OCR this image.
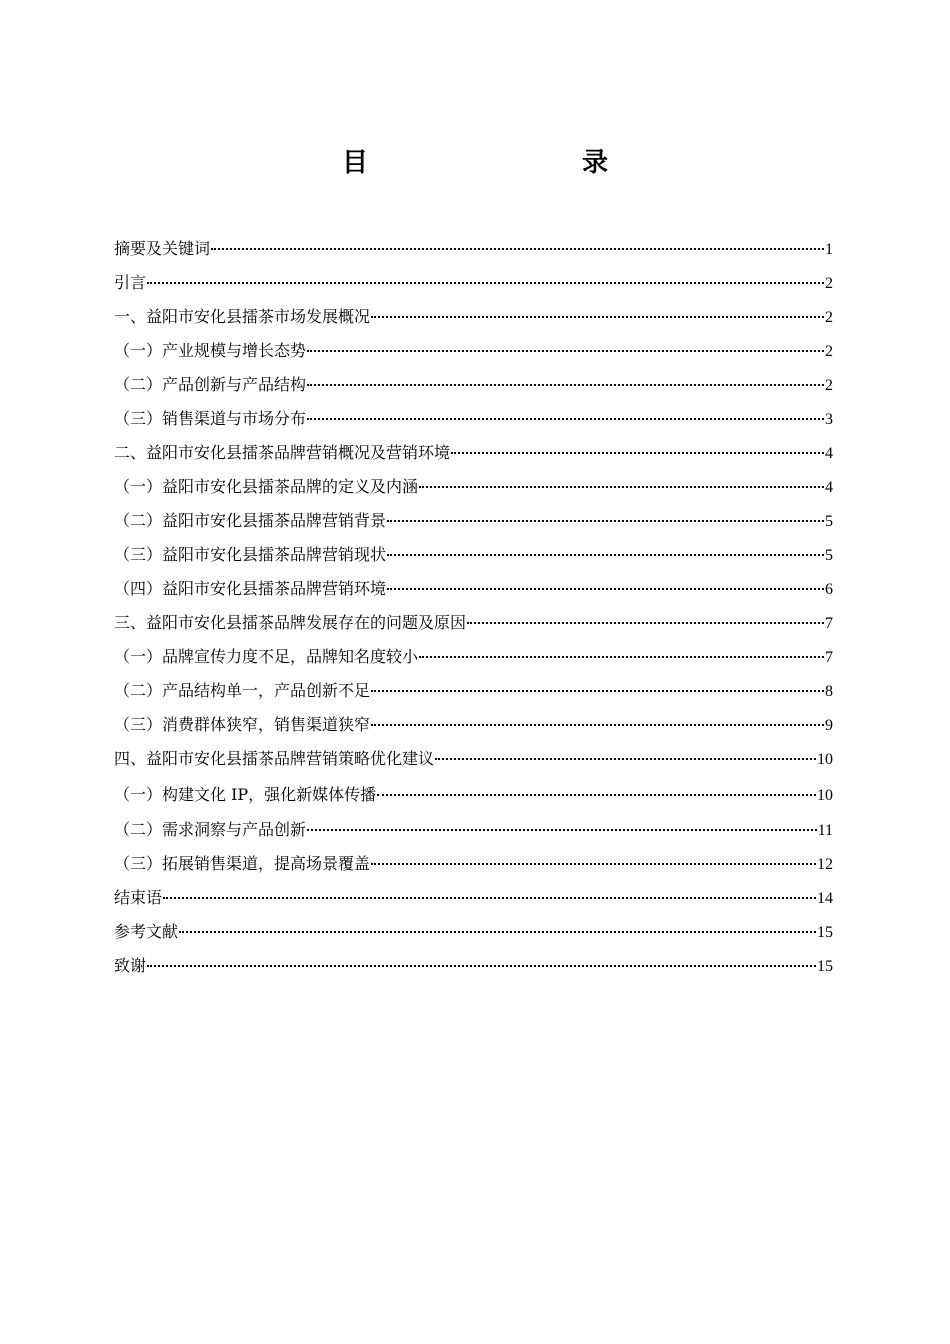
目　　录
摘要及关键词	1
引言	2
一、益阳市安化县擂茶市场发展概况	2
（一）产业规模与增长态势	2
（二）产品创新与产品结构	2
（三）销售渠道与市场分布	3
二、益阳市安化县擂茶品牌营销概况及营销环境	4
（一）益阳市安化县擂茶品牌的定义及内涵	4
（二）益阳市安化县擂茶品牌营销背景	5
（三）益阳市安化县擂茶品牌营销现状	5
（四）益阳市安化县擂茶品牌营销环境	6
三、益阳市安化县擂茶品牌发展存在的问题及原因	7
（一）品牌宣传力度不足，品牌知名度较小	7
（二）产品结构单一，产品创新不足	8
（三）消费群体狭窄，销售渠道狭窄	9
四、益阳市安化县擂茶品牌营销策略优化建议	10
（一）构建文化 IP，强化新媒体传播	10
（二）需求洞察与产品创新	11
（三）拓展销售渠道，提高场景覆盖	12
结束语	14
参考文献	15
致谢	15
